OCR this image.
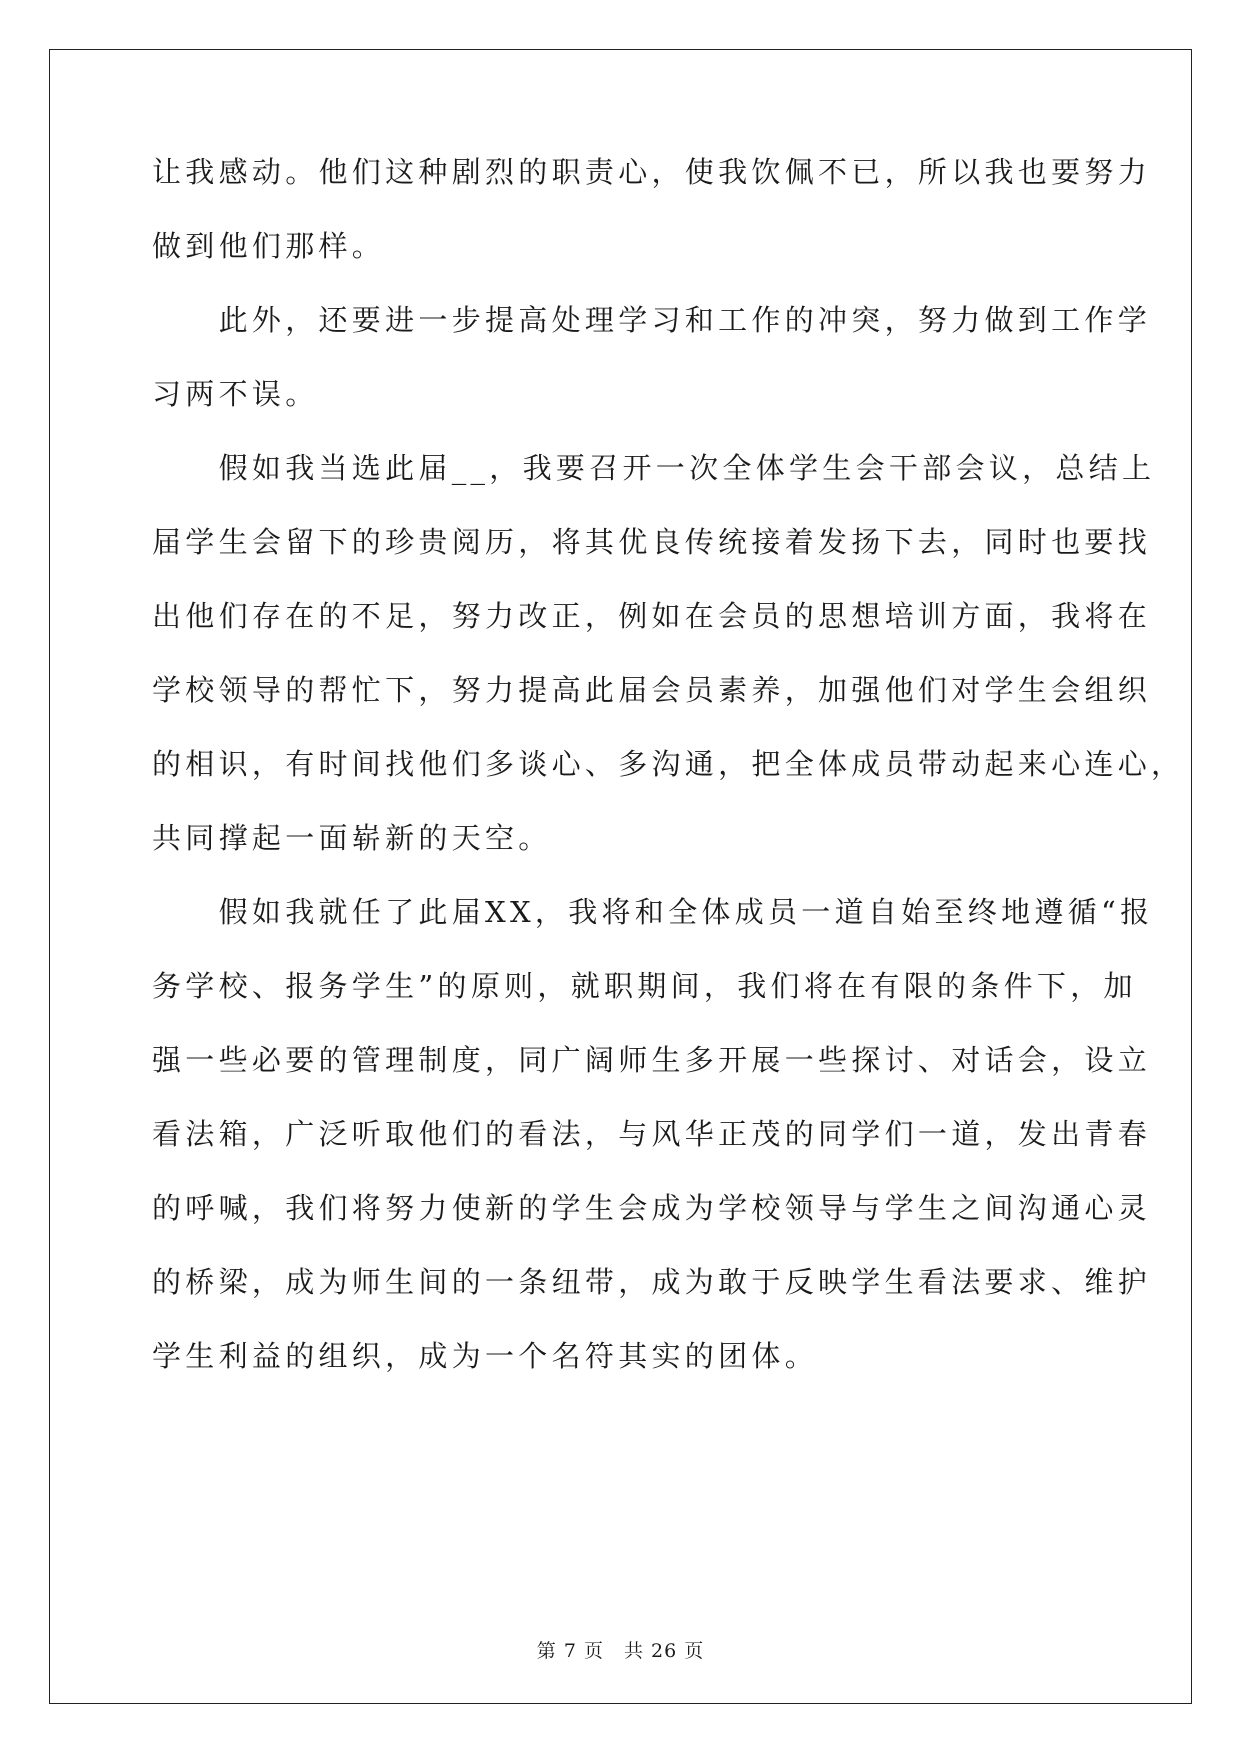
让我感动。他们这种剧烈的职责心，使我饮佩不已，所以我也要努力
做到他们那样。
　　此外，还要进一步提高处理学习和工作的冲突，努力做到工作学
习两不误。
　　假如我当选此届__，我要召开一次全体学生会干部会议，总结上
届学生会留下的珍贵阅历，将其优良传统接着发扬下去，同时也要找
出他们存在的不足，努力改正，例如在会员的思想培训方面，我将在
学校领导的帮忙下，努力提高此届会员素养，加强他们对学生会组织
的相识，有时间找他们多谈心、多沟通，把全体成员带动起来心连心，
共同撑起一面崭新的天空。
　　假如我就任了此届XX，我将和全体成员一道自始至终地遵循“报
务学校、报务学生”的原则，就职期间，我们将在有限的条件下，加
强一些必要的管理制度，同广阔师生多开展一些探讨、对话会，设立
看法箱，广泛听取他们的看法，与风华正茂的同学们一道，发出青春
的呼喊，我们将努力使新的学生会成为学校领导与学生之间沟通心灵
的桥梁，成为师生间的一条纽带，成为敢于反映学生看法要求、维护
学生利益的组织，成为一个名符其实的团体。
第 7 页 共 26 页
